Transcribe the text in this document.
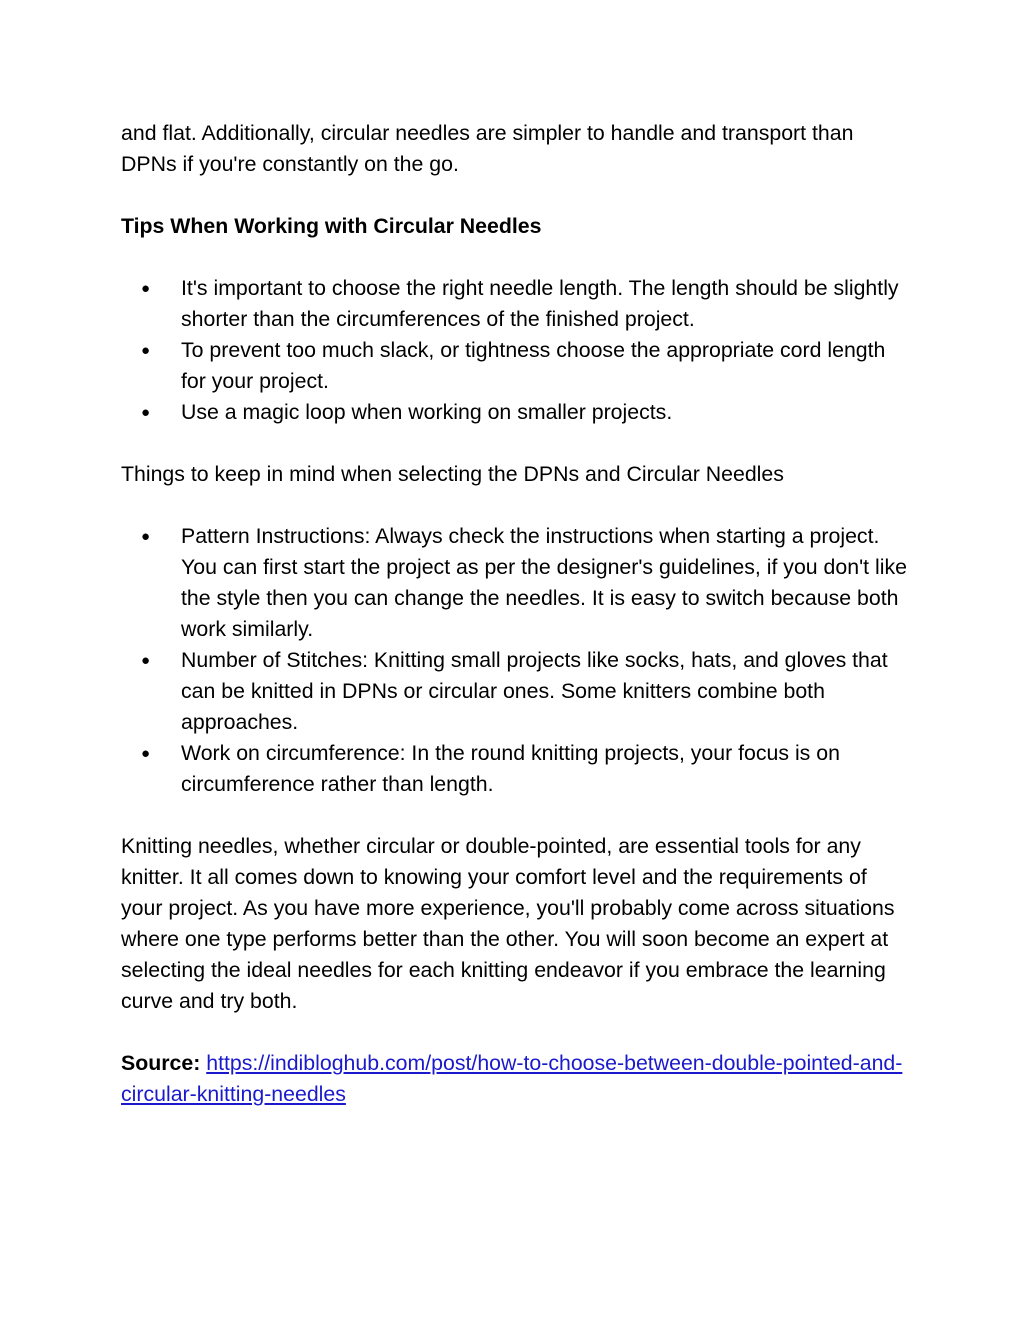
and flat. Additionally, circular needles are simpler to handle and transport than DPNs if you're constantly on the go.

Tips When Working with Circular Needles

● It's important to choose the right needle length. The length should be slightly shorter than the circumferences of the finished project.
● To prevent too much slack, or tightness choose the appropriate cord length for your project.
● Use a magic loop when working on smaller projects.

Things to keep in mind when selecting the DPNs and Circular Needles

● Pattern Instructions: Always check the instructions when starting a project. You can first start the project as per the designer's guidelines, if you don't like the style then you can change the needles. It is easy to switch because both work similarly.
● Number of Stitches: Knitting small projects like socks, hats, and gloves that can be knitted in DPNs or circular ones. Some knitters combine both approaches.
● Work on circumference: In the round knitting projects, your focus is on circumference rather than length.

Knitting needles, whether circular or double-pointed, are essential tools for any knitter. It all comes down to knowing your comfort level and the requirements of your project. As you have more experience, you'll probably come across situations where one type performs better than the other. You will soon become an expert at selecting the ideal needles for each knitting endeavor if you embrace the learning curve and try both.

Source: https://indibloghub.com/post/how-to-choose-between-double-pointed-and-circular-knitting-needles
